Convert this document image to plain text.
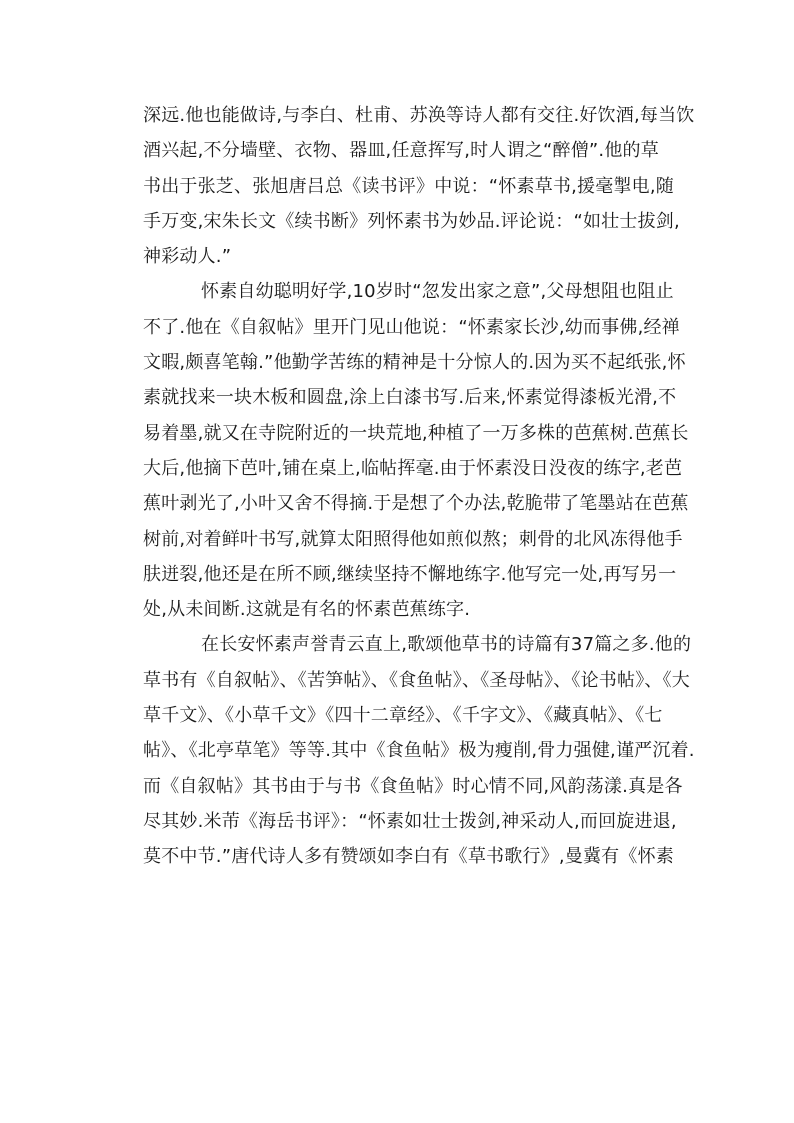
深远.他也能做诗,与李白、杜甫、苏涣等诗人都有交往.好饮酒,每当饮
酒兴起,不分墙壁、衣物、器皿,任意挥写,时人谓之“醉僧”.他的草
书出于张芝、张旭唐吕总《读书评》中说：“怀素草书,援毫掣电,随
手万变,宋朱长文《续书断》列怀素书为妙品.评论说：“如壮士拔剑,
神彩动人.”
怀素自幼聪明好学,10岁时“忽发出家之意”,父母想阻也阻止
不了.他在《自叙帖》里开门见山他说：“怀素家长沙,幼而事佛,经禅
文暇,颇喜笔翰.”他勤学苦练的精神是十分惊人的.因为买不起纸张,怀
素就找来一块木板和圆盘,涂上白漆书写.后来,怀素觉得漆板光滑,不
易着墨,就又在寺院附近的一块荒地,种植了一万多株的芭蕉树.芭蕉长
大后,他摘下芭叶,铺在桌上,临帖挥毫.由于怀素没日没夜的练字,老芭
蕉叶剥光了,小叶又舍不得摘.于是想了个办法,乾脆带了笔墨站在芭蕉
树前,对着鲜叶书写,就算太阳照得他如煎似熬；刺骨的北风冻得他手
肤迸裂,他还是在所不顾,继续坚持不懈地练字.他写完一处,再写另一
处,从未间断.这就是有名的怀素芭蕉练字.
在长安怀素声誉青云直上,歌颂他草书的诗篇有37篇之多.他的
草书有《自叙帖》、《苦笋帖》、《食鱼帖》、《圣母帖》、《论书帖》、《大
草千文》、《小草千文》《四十二章经》、《千字文》、《藏真帖》、《七
帖》、《北亭草笔》等等.其中《食鱼帖》极为瘦削,骨力强健,谨严沉着.
而《自叙帖》其书由于与书《食鱼帖》时心情不同,风韵荡漾.真是各
尽其妙.米芾《海岳书评》：“怀素如壮士拨剑,神采动人,而回旋进退,
莫不中节.”唐代诗人多有赞颂如李白有《草书歌行》,曼冀有《怀素
